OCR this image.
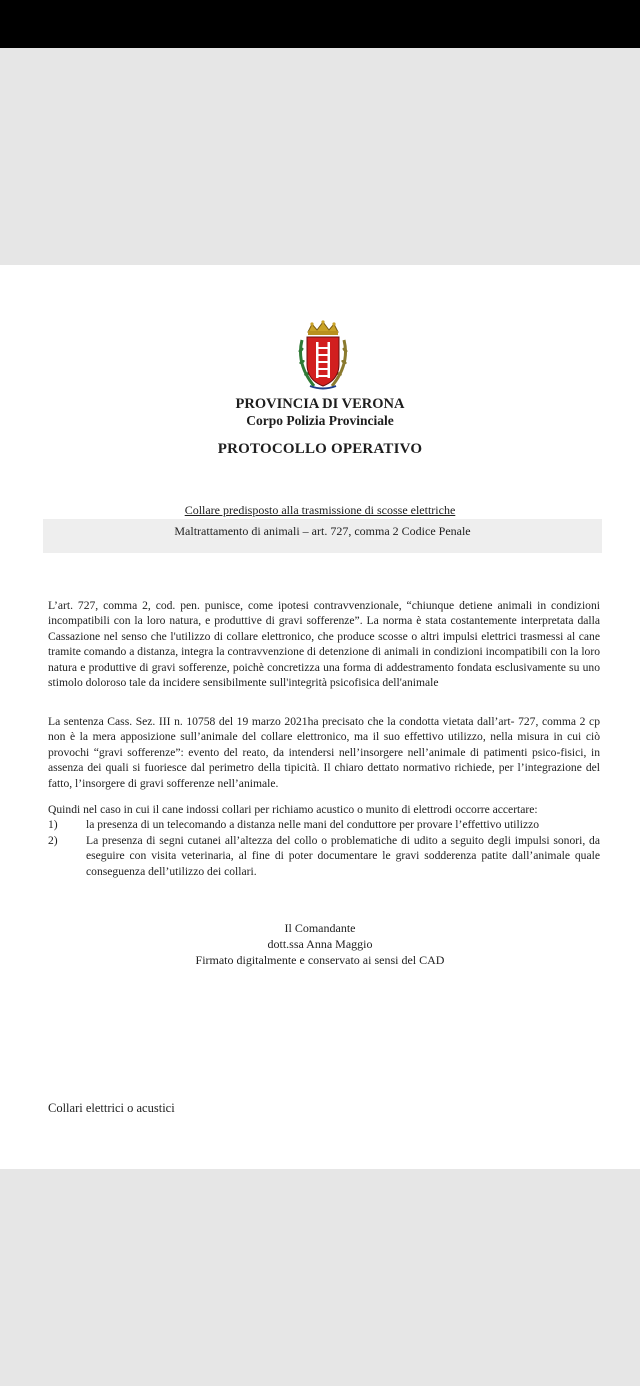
PROVINCIA DI VERONA
Corpo Polizia Provinciale
PROTOCOLLO OPERATIVO
Collare predisposto alla trasmissione di scosse elettriche
Maltrattamento di animali – art. 727, comma 2 Codice Penale

L’art. 727, comma 2, cod. pen. punisce, come ipotesi contravvenzionale, “chiunque detiene animali in condizioni incompatibili con la loro natura, e produttive di gravi sofferenze”. La norma è stata costantemente interpretata dalla Cassazione nel senso che l'utilizzo di collare elettronico, che produce scosse o altri impulsi elettrici trasmessi al cane tramite comando a distanza, integra la contravvenzione di detenzione di animali in condizioni incompatibili con la loro natura e produttive di gravi sofferenze, poichè concretizza una forma di addestramento fondata esclusivamente su uno stimolo doloroso tale da incidere sensibilmente sull'integrità psicofisica dell'animale

La sentenza Cass. Sez. III n. 10758 del 19 marzo 2021ha precisato che la condotta vietata dall’art- 727, comma 2 cp non è la mera apposizione sull’animale del collare elettronico, ma il suo effettivo utilizzo, nella misura in cui ciò provochi “gravi sofferenze”: evento del reato, da intendersi nell’insorgere nell’animale di patimenti psico-fisici, in assenza dei quali si fuoriesce dal perimetro della tipicità. Il chiaro dettato normativo richiede, per l’integrazione del fatto, l’insorgere di gravi sofferenze nell’animale.

Quindi nel caso in cui il cane indossi collari per richiamo acustico o munito di elettrodi occorre accertare:
1)	la presenza di un telecomando a distanza nelle mani del conduttore per provare l’effettivo utilizzo
2)	La presenza di segni cutanei all’altezza del collo o problematiche di udito a seguito degli impulsi sonori, da eseguire con visita veterinaria, al fine di poter documentare le gravi sodderenza patite dall’animale quale conseguenza dell’utilizzo dei collari.
Il Comandante
dott.ssa Anna Maggio
Firmato digitalmente e conservato ai sensi del CAD
Collari elettrici o acustici
